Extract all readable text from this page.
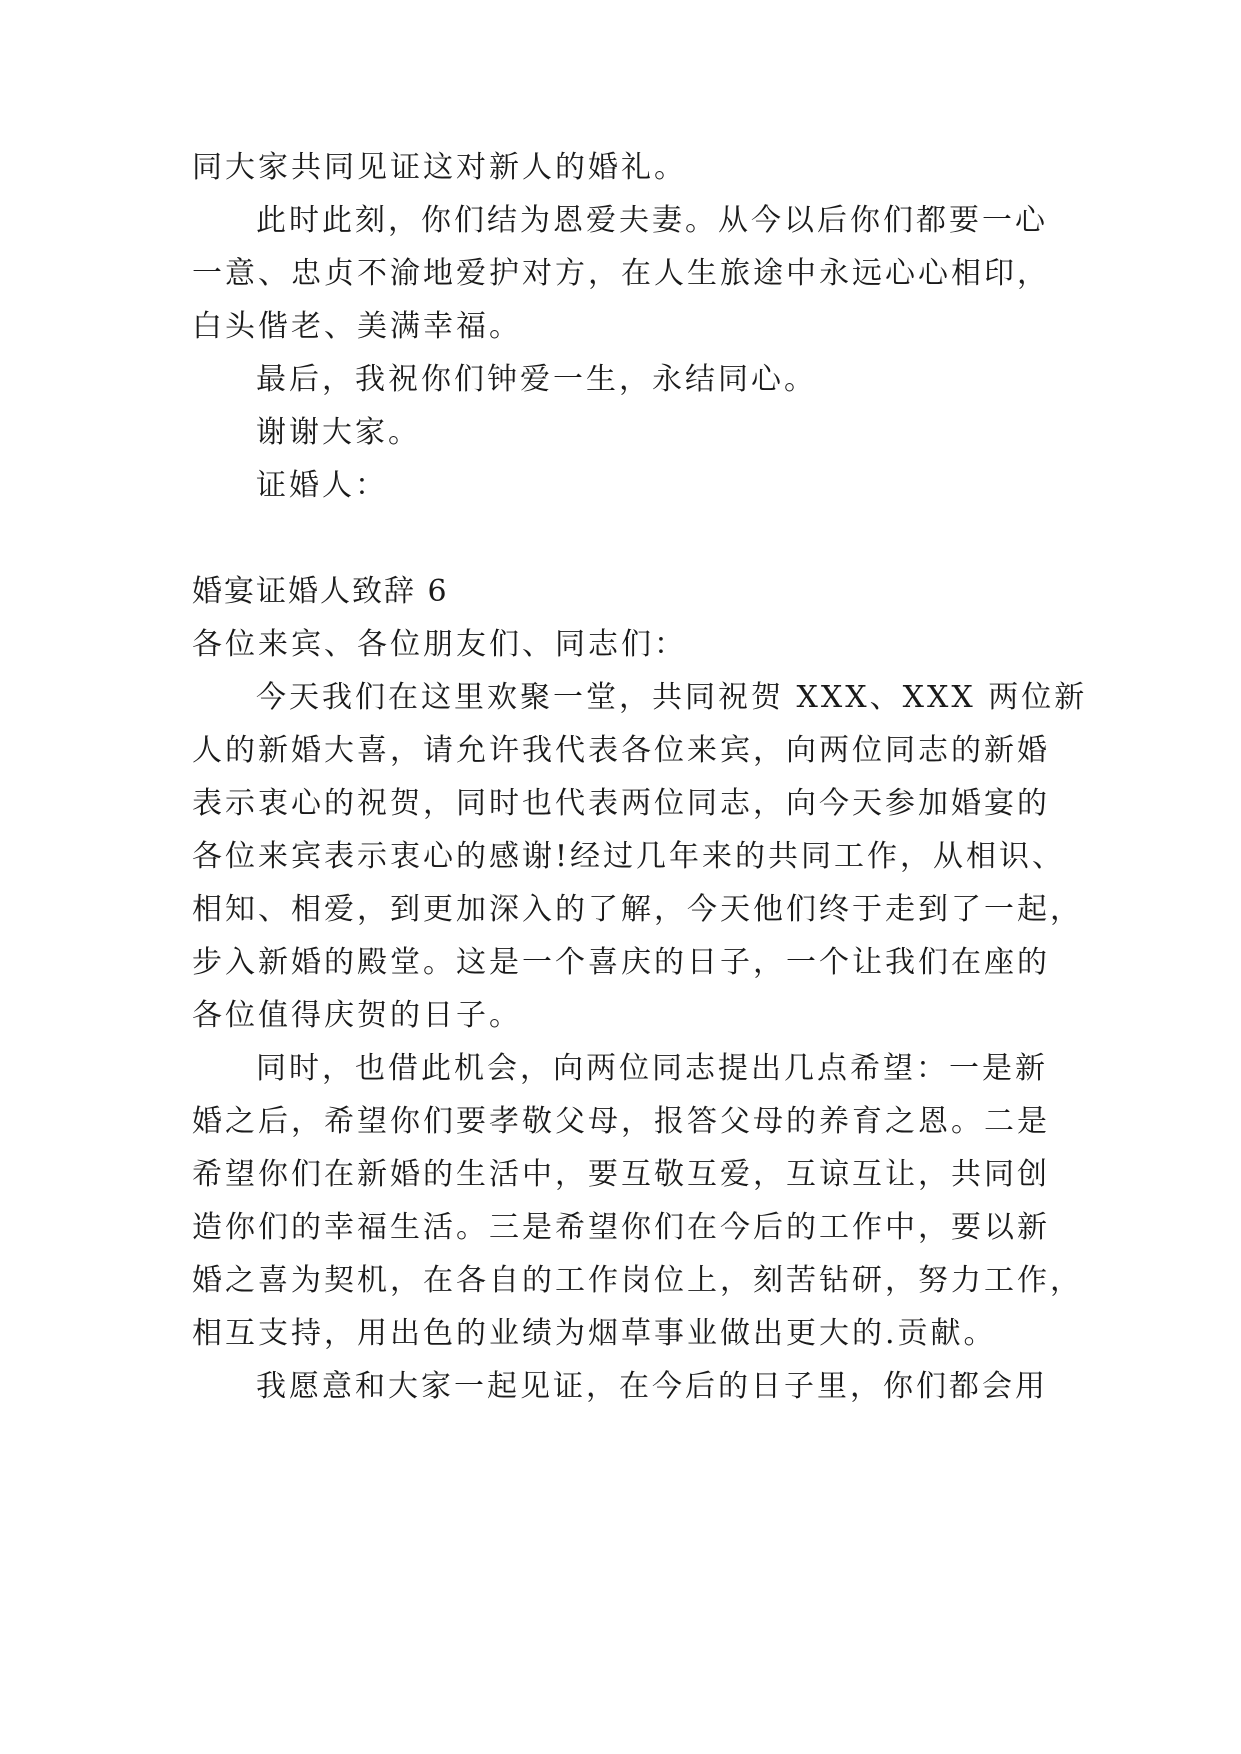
同大家共同见证这对新人的婚礼。
此时此刻，你们结为恩爱夫妻。从今以后你们都要一心
一意、忠贞不渝地爱护对方，在人生旅途中永远心心相印，
白头偕老、美满幸福。
最后，我祝你们钟爱一生，永结同心。
谢谢大家。
证婚人：
婚宴证婚人致辞 6
各位来宾、各位朋友们、同志们：
今天我们在这里欢聚一堂，共同祝贺 XXX、XXX 两位新
人的新婚大喜，请允许我代表各位来宾，向两位同志的新婚
表示衷心的祝贺，同时也代表两位同志，向今天参加婚宴的
各位来宾表示衷心的感谢!经过几年来的共同工作，从相识、
相知、相爱，到更加深入的了解，今天他们终于走到了一起，
步入新婚的殿堂。这是一个喜庆的日子，一个让我们在座的
各位值得庆贺的日子。
同时，也借此机会，向两位同志提出几点希望：一是新
婚之后，希望你们要孝敬父母，报答父母的养育之恩。二是
希望你们在新婚的生活中，要互敬互爱，互谅互让，共同创
造你们的幸福生活。三是希望你们在今后的工作中，要以新
婚之喜为契机，在各自的工作岗位上，刻苦钻研，努力工作，
相互支持，用出色的业绩为烟草事业做出更大的.贡献。
我愿意和大家一起见证，在今后的日子里，你们都会用
